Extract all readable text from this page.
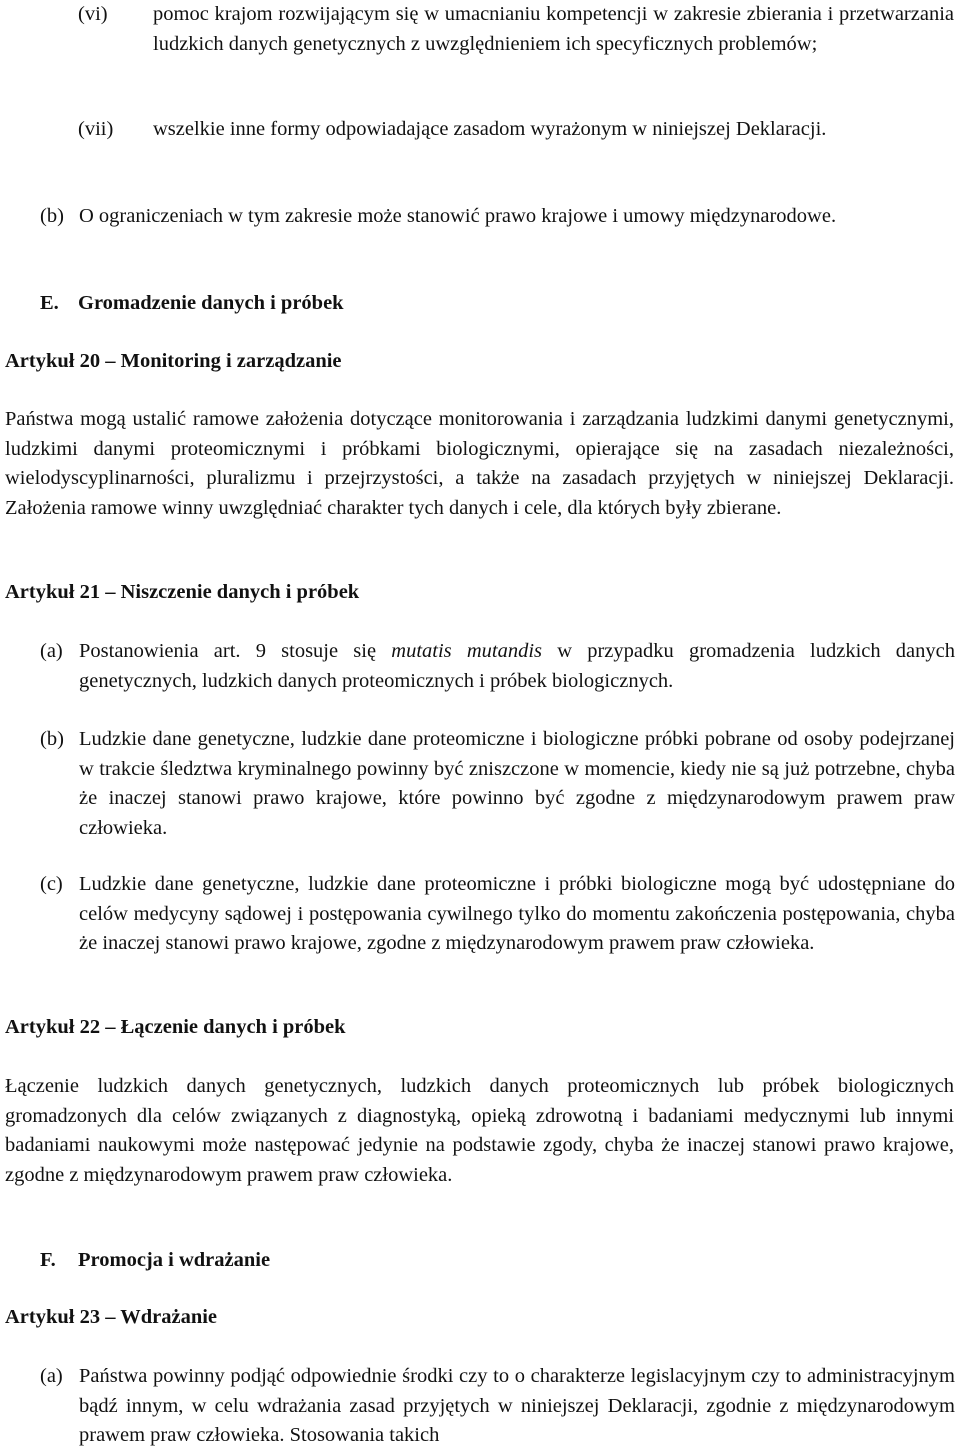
(vi) pomoc krajom rozwijającym się w umacnianiu kompetencji w zakresie zbierania i przetwarzania ludzkich danych genetycznych z uwzględnieniem ich specyficznych problemów;
(vii) wszelkie inne formy odpowiadające zasadom wyrażonym w niniejszej Deklaracji.
(b) O ograniczeniach w tym zakresie może stanowić prawo krajowe i umowy międzynarodowe.
E. Gromadzenie danych i próbek
Artykuł 20 – Monitoring i zarządzanie
Państwa mogą ustalić ramowe założenia dotyczące monitorowania i zarządzania ludzkimi danymi genetycznymi, ludzkimi danymi proteomicznymi i próbkami biologicznymi, opierające się na zasadach niezależności, wielodyscyplinarności, pluralizmu i przejrzystości, a także na zasadach przyjętych w niniejszej Deklaracji. Założenia ramowe winny uwzględniać charakter tych danych i cele, dla których były zbierane.
Artykuł 21 – Niszczenie danych i próbek
(a) Postanowienia art. 9 stosuje się mutatis mutandis w przypadku gromadzenia ludzkich danych genetycznych, ludzkich danych proteomicznych i próbek biologicznych.
(b) Ludzkie dane genetyczne, ludzkie dane proteomiczne i biologiczne próbki pobrane od osoby podejrzanej w trakcie śledztwa kryminalnego powinny być zniszczone w momencie, kiedy nie są już potrzebne, chyba że inaczej stanowi prawo krajowe, które powinno być zgodne z międzynarodowym prawem praw człowieka.
(c) Ludzkie dane genetyczne, ludzkie dane proteomiczne i próbki biologiczne mogą być udostępniane do celów medycyny sądowej i postępowania cywilnego tylko do momentu zakończenia postępowania, chyba że inaczej stanowi prawo krajowe, zgodne z międzynarodowym prawem praw człowieka.
Artykuł 22 – Łączenie danych i próbek
Łączenie ludzkich danych genetycznych, ludzkich danych proteomicznych lub próbek biologicznych gromadzonych dla celów związanych z diagnostyką, opieką zdrowotną i badaniami medycznymi lub innymi badaniami naukowymi może następować jedynie na podstawie zgody, chyba że inaczej stanowi prawo krajowe, zgodne z międzynarodowym prawem praw człowieka.
F. Promocja i wdrażanie
Artykuł 23 – Wdrażanie
(a) Państwa powinny podjąć odpowiednie środki czy to o charakterze legislacyjnym czy to administracyjnym bądź innym, w celu wdrażania zasad przyjętych w niniejszej Deklaracji, zgodnie z międzynarodowym prawem praw człowieka. Stosowania takich
